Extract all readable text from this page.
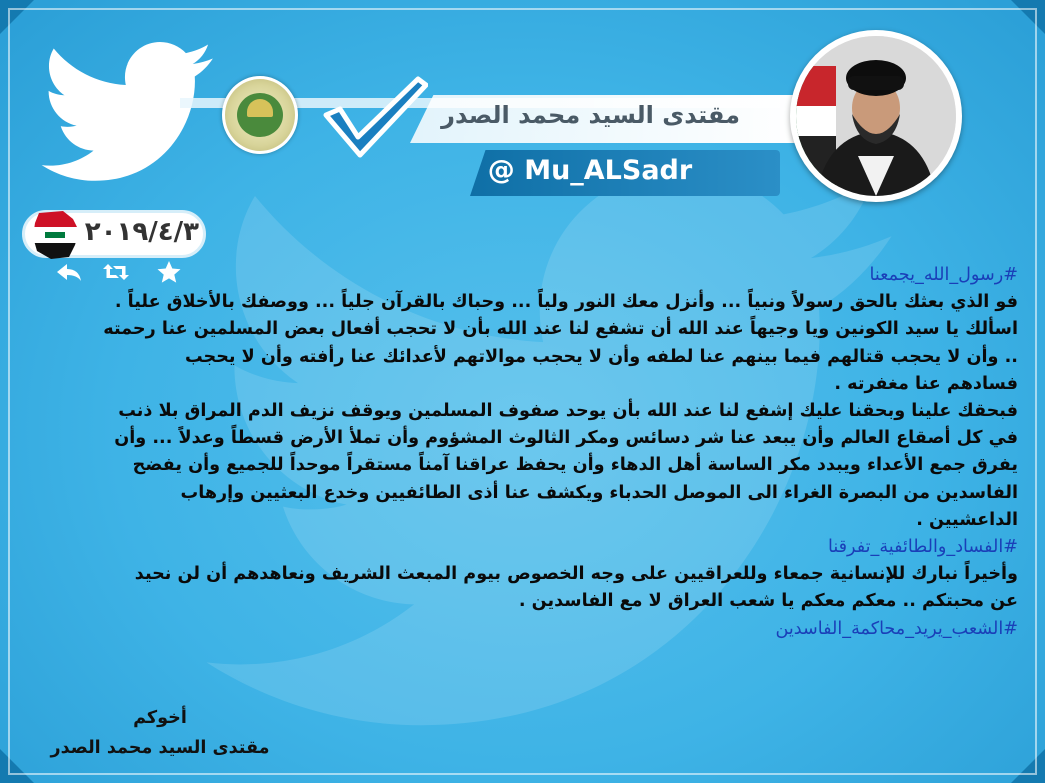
مقتدى السيد محمد الصدر
@ Mu_ALSadr
٢٠١٩/٤/٣

#رسول_الله_يجمعنا

فو الذي بعثك بالحق رسولاً ونبياً ... وأنزل معك النور ولياً ... وحباك بالقرآن جلياً ... ووصفك بالأخلاق علياً .

اسألك يا سيد الكونين ويا وجيهاً عند الله أن تشفع لنا عند الله بأن لا تحجب أفعال بعض المسلمين عنا رحمته

.. وأن لا يحجب قتالهم فيما بينهم عنا لطفه وأن لا يحجب موالاتهم لأعدائك عنا رأفته وأن لا يحجب

فسادهم عنا مغفرته .

فبحقك علينا وبحقنا عليك إشفع لنا عند الله بأن يوحد صفوف المسلمين ويوقف نزيف الدم المراق بلا ذنب

في كل أصقاع العالم وأن يبعد عنا شر دسائس ومكر الثالوث المشؤوم وأن تملأ الأرض قسطاً وعدلاً ... وأن

يفرق جمع الأعداء ويبدد مكر الساسة أهل الدهاء وأن يحفظ عراقنا آمناً مستقراً موحداً للجميع وأن يفضح

الفاسدين من البصرة الغراء الى الموصل الحدباء ويكشف عنا أذى الطائفيين وخدع البعثيين وإرهاب

الداعشيين .

#الفساد_والطائفية_تفرقنا

وأخيراً نبارك للإنسانية جمعاء وللعراقيين على وجه الخصوص بيوم المبعث الشريف ونعاهدهم أن لن نحيد

عن محبتكم .. معكم معكم يا شعب العراق لا مع الفاسدين .

#الشعب_يريد_محاكمة_الفاسدين

أخوكم
مقتدى السيد محمد الصدر
